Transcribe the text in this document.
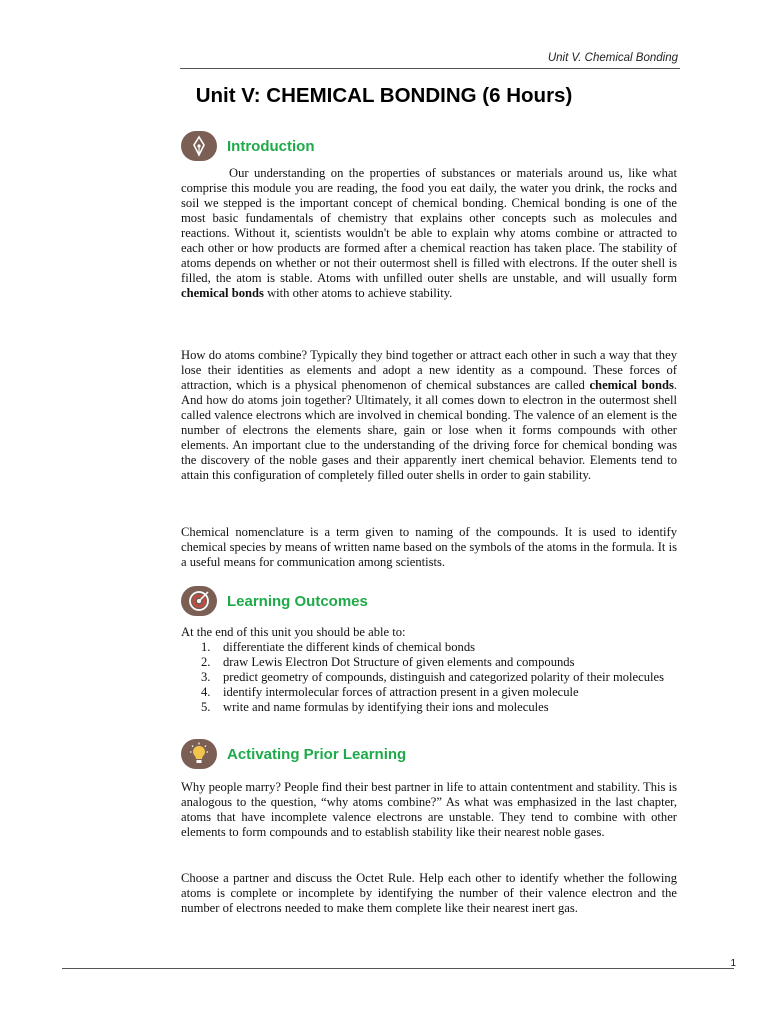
Unit V. Chemical Bonding
Unit V: CHEMICAL BONDING (6 Hours)
Introduction

Our understanding on the properties of substances or materials around us, like what comprise this module you are reading, the food you eat daily, the water you drink, the rocks and soil we stepped is the important concept of chemical bonding. Chemical bonding is one of the most basic fundamentals of chemistry that explains other concepts such as molecules and reactions. Without it, scientists wouldn't be able to explain why atoms combine or attracted to each other or how products are formed after a chemical reaction has taken place. The stability of atoms depends on whether or not their outermost shell is filled with electrons. If the outer shell is filled, the atom is stable. Atoms with unfilled outer shells are unstable, and will usually form chemical bonds with other atoms to achieve stability.

How do atoms combine? Typically they bind together or attract each other in such a way that they lose their identities as elements and adopt a new identity as a compound. These forces of attraction, which is a physical phenomenon of chemical substances are called chemical bonds. And how do atoms join together? Ultimately, it all comes down to electron in the outermost shell called valence electrons which are involved in chemical bonding. The valence of an element is the number of electrons the elements share, gain or lose when it forms compounds with other elements. An important clue to the understanding of the driving force for chemical bonding was the discovery of the noble gases and their apparently inert chemical behavior. Elements tend to attain this configuration of completely filled outer shells in order to gain stability.

Chemical nomenclature is a term given to naming of the compounds. It is used to identify chemical species by means of written name based on the symbols of the atoms in the formula. It is a useful means for communication among scientists.

Learning Outcomes

At the end of this unit you should be able to:

1. differentiate the different kinds of chemical bonds
2. draw Lewis Electron Dot Structure of given elements and compounds
3. predict geometry of compounds, distinguish and categorized polarity of their molecules
4. identify intermolecular forces of attraction present in a given molecule
5. write and name formulas by identifying their ions and molecules
Activating Prior Learning

Why people marry? People find their best partner in life to attain contentment and stability. This is analogous to the question, “why atoms combine?” As what was emphasized in the last chapter, atoms that have incomplete valence electrons are unstable. They tend to combine with other elements to form compounds and to establish stability like their nearest noble gases.

Choose a partner and discuss the Octet Rule. Help each other to identify whether the following atoms is complete or incomplete by identifying the number of their valence electron and the number of electrons needed to make them complete like their nearest inert gas.

1
